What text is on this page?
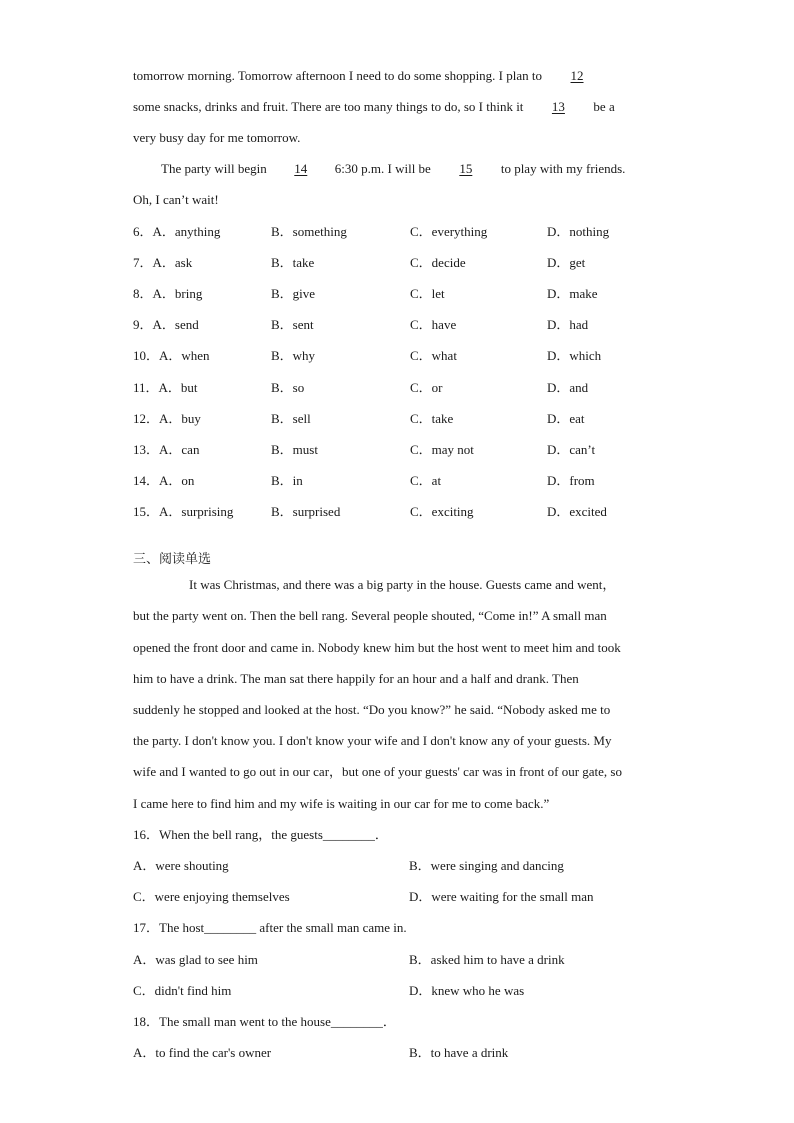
tomorrow morning. Tomorrow afternoon I need to do some shopping. I plan to 12
some snacks, drinks and fruit. There are too many things to do, so I think it 13 be a
very busy day for me tomorrow.
The party will begin 14 6:30 p.m. I will be 15 to play with my friends.
Oh, I can’t wait!
6．A．anything	B．something	C．everything	D．nothing
7．A．ask	B．take	C．decide	D．get
8．A．bring	B．give	C．let	D．make
9．A．send	B．sent	C．have	D．had
10．A．when	B．why	C．what	D．which
11．A．but	B．so	C．or	D．and
12．A．buy	B．sell	C．take	D．eat
13．A．can	B．must	C．may not	D．can’t
14．A．on	B．in	C．at	D．from
15．A．surprising	B．surprised	C．exciting	D．excited
三、阅读单选
It was Christmas, and there was a big party in the house. Guests came and went，
but the party went on. Then the bell rang. Several people shouted, “Come in!” A small man
opened the front door and came in. Nobody knew him but the host went to meet him and took
him to have a drink. The man sat there happily for an hour and a half and drank. Then
suddenly he stopped and looked at the host. “Do you know?” he said. “Nobody asked me to
the party. I don't know you. I don't know your wife and I don't know any of your guests. My
wife and I wanted to go out in our car，but one of your guests' car was in front of our gate, so
I came here to find him and my wife is waiting in our car for me to come back.”
16．When the bell rang，the guests________．
A．were shouting	B．were singing and dancing
C．were enjoying themselves	D．were waiting for the small man
17．The host________ after the small man came in.
A．was glad to see him	B．asked him to have a drink
C．didn't find him	D．knew who he was
18．The small man went to the house________．
A．to find the car's owner	B．to have a drink
